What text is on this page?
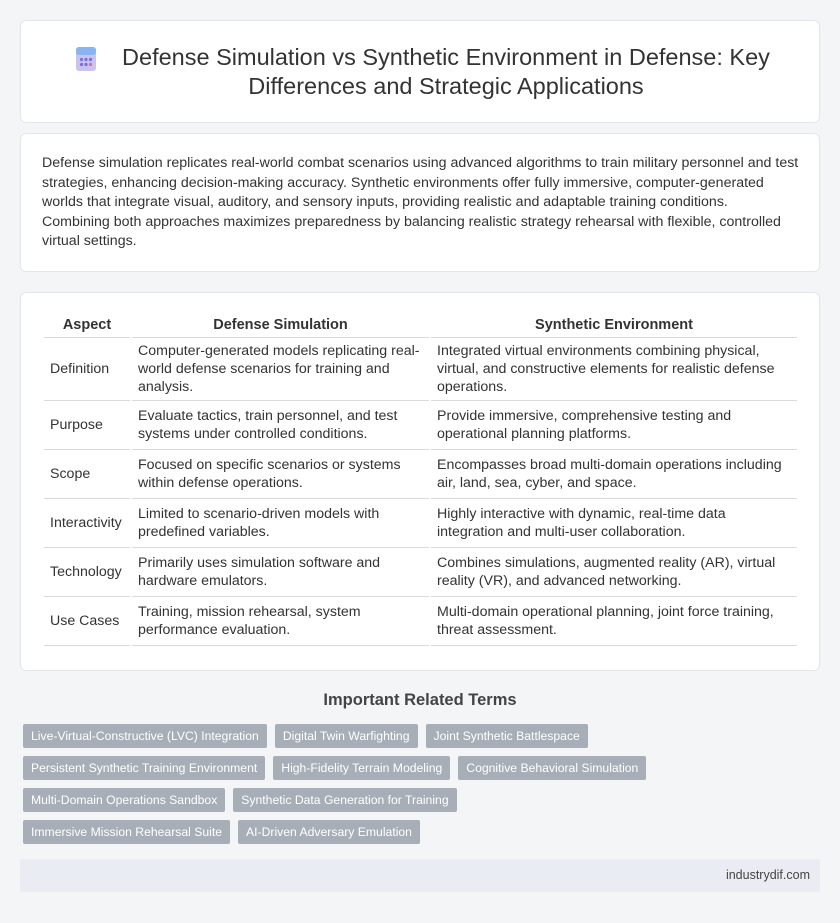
Defense Simulation vs Synthetic Environment in Defense: Key Differences and Strategic Applications

Defense simulation replicates real-world combat scenarios using advanced algorithms to train military personnel and test strategies, enhancing decision-making accuracy. Synthetic environments offer fully immersive, computer-generated worlds that integrate visual, auditory, and sensory inputs, providing realistic and adaptable training conditions. Combining both approaches maximizes preparedness by balancing realistic strategy rehearsal with flexible, controlled virtual settings.

Aspect	Defense Simulation	Synthetic Environment
Definition	Computer-generated models replicating real-world defense scenarios for training and analysis.	Integrated virtual environments combining physical, virtual, and constructive elements for realistic defense operations.
Purpose	Evaluate tactics, train personnel, and test systems under controlled conditions.	Provide immersive, comprehensive testing and operational planning platforms.
Scope	Focused on specific scenarios or systems within defense operations.	Encompasses broad multi-domain operations including air, land, sea, cyber, and space.
Interactivity	Limited to scenario-driven models with predefined variables.	Highly interactive with dynamic, real-time data integration and multi-user collaboration.
Technology	Primarily uses simulation software and hardware emulators.	Combines simulations, augmented reality (AR), virtual reality (VR), and advanced networking.
Use Cases	Training, mission rehearsal, system performance evaluation.	Multi-domain operational planning, joint force training, threat assessment.
Important Related Terms
Live-Virtual-Constructive (LVC) Integration	Digital Twin Warfighting	Joint Synthetic Battlespace
Persistent Synthetic Training Environment	High-Fidelity Terrain Modeling	Cognitive Behavioral Simulation
Multi-Domain Operations Sandbox	Synthetic Data Generation for Training
Immersive Mission Rehearsal Suite	AI-Driven Adversary Emulation
industrydif.com
